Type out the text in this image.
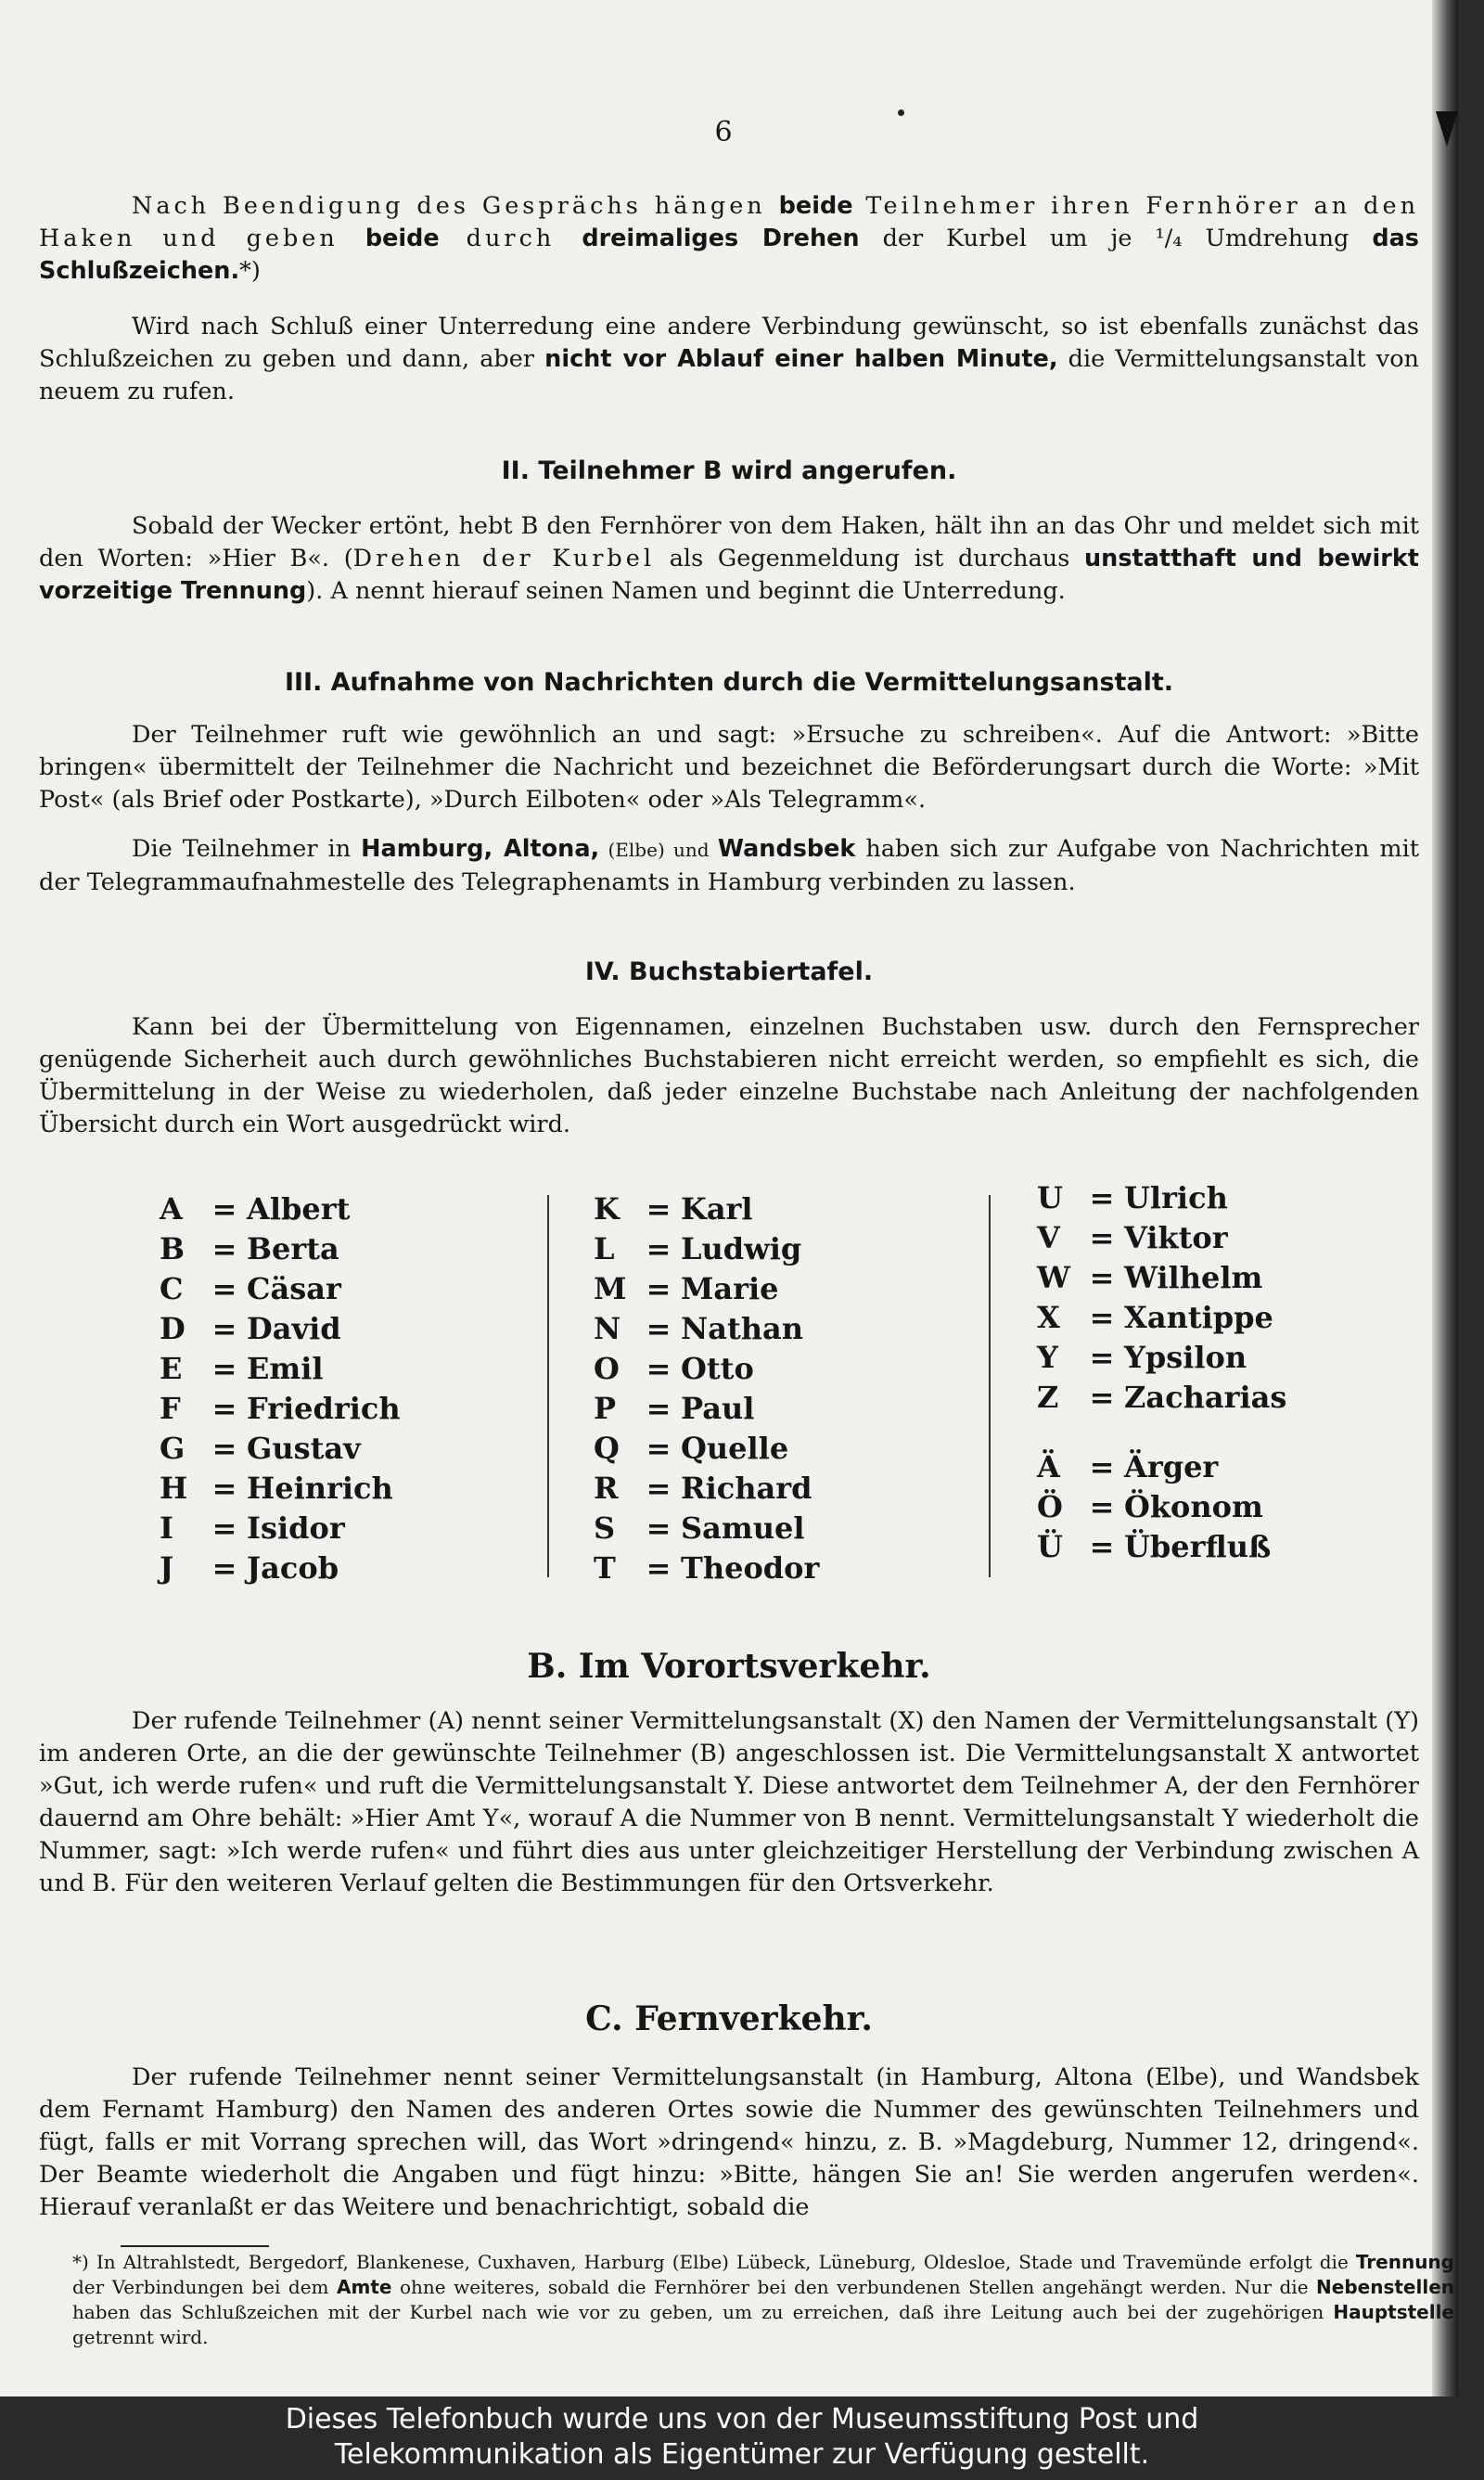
6

Nach Beendigung des Gesprächs hängen beide Teilnehmer ihren Fernhörer an den Haken und geben beide durch dreimaliges Drehen der Kurbel um je ¹/₄ Umdrehung das Schlußzeichen.*)

Wird nach Schluß einer Unterredung eine andere Verbindung gewünscht, so ist ebenfalls zunächst das Schlußzeichen zu geben und dann, aber nicht vor Ablauf einer halben Minute, die Vermittelungsanstalt von neuem zu rufen.

II. Teilnehmer B wird angerufen.

Sobald der Wecker ertönt, hebt B den Fernhörer von dem Haken, hält ihn an das Ohr und meldet sich mit den Worten: »Hier B«. (Drehen der Kurbel als Gegenmeldung ist durchaus unstatthaft und bewirkt vorzeitige Trennung). A nennt hierauf seinen Namen und beginnt die Unterredung.

III. Aufnahme von Nachrichten durch die Vermittelungsanstalt.

Der Teilnehmer ruft wie gewöhnlich an und sagt: »Ersuche zu schreiben«. Auf die Antwort: »Bitte bringen« übermittelt der Teilnehmer die Nachricht und bezeichnet die Beförderungsart durch die Worte: »Mit Post« (als Brief oder Postkarte), »Durch Eilboten« oder »Als Telegramm«.

Die Teilnehmer in Hamburg, Altona, (Elbe) und Wandsbek haben sich zur Aufgabe von Nachrichten mit der Telegrammaufnahmestelle des Telegraphenamts in Hamburg verbinden zu lassen.

IV. Buchstabiertafel.

Kann bei der Übermittelung von Eigennamen, einzelnen Buchstaben usw. durch den Fernsprecher genügende Sicherheit auch durch gewöhnliches Buchstabieren nicht erreicht werden, so empfiehlt es sich, die Übermittelung in der Weise zu wiederholen, daß jeder einzelne Buchstabe nach Anleitung der nachfolgenden Übersicht durch ein Wort ausgedrückt wird.

A = Albert
B = Berta
C = Cäsar
D = David
E = Emil
F = Friedrich
G = Gustav
H = Heinrich
I = Isidor
J = Jacob
K = Karl
L = Ludwig
M = Marie
N = Nathan
O = Otto
P = Paul
Q = Quelle
R = Richard
S = Samuel
T = Theodor
U = Ulrich
V = Viktor
W = Wilhelm
X = Xantippe
Y = Ypsilon
Z = Zacharias
Ä = Ärger
Ö = Ökonom
Ü = Überfluß
B. Im Vorortsverkehr.

Der rufende Teilnehmer (A) nennt seiner Vermittelungsanstalt (X) den Namen der Vermittelungsanstalt (Y) im anderen Orte, an die der gewünschte Teilnehmer (B) angeschlossen ist. Die Vermittelungsanstalt X antwortet »Gut, ich werde rufen« und ruft die Vermittelungsanstalt Y. Diese antwortet dem Teilnehmer A, der den Fernhörer dauernd am Ohre behält: »Hier Amt Y«, worauf A die Nummer von B nennt. Vermittelungsanstalt Y wiederholt die Nummer, sagt: »Ich werde rufen« und führt dies aus unter gleichzeitiger Herstellung der Verbindung zwischen A und B. Für den weiteren Verlauf gelten die Bestimmungen für den Ortsverkehr.

C. Fernverkehr.

Der rufende Teilnehmer nennt seiner Vermittelungsanstalt (in Hamburg, Altona (Elbe), und Wandsbek dem Fernamt Hamburg) den Namen des anderen Ortes sowie die Nummer des gewünschten Teilnehmers und fügt, falls er mit Vorrang sprechen will, das Wort »dringend« hinzu, z. B. »Magdeburg, Nummer 12, dringend«. Der Beamte wiederholt die Angaben und fügt hinzu: »Bitte, hängen Sie an! Sie werden angerufen werden«. Hierauf veranlaßt er das Weitere und benachrichtigt, sobald die

*) In Altrahlstedt, Bergedorf, Blankenese, Cuxhaven, Harburg (Elbe) Lübeck, Lüneburg, Oldesloe, Stade und Travemünde erfolgt die Trennung der Verbindungen bei dem Amte ohne weiteres, sobald die Fernhörer bei den verbundenen Stellen angehängt werden. Nur die Nebenstellen haben das Schlußzeichen mit der Kurbel nach wie vor zu geben, um zu erreichen, daß ihre Leitung auch bei der zugehörigen Hauptstelle getrennt wird.

Dieses Telefonbuch wurde uns von der Museumsstiftung Post und
Telekommunikation als Eigentümer zur Verfügung gestellt.
